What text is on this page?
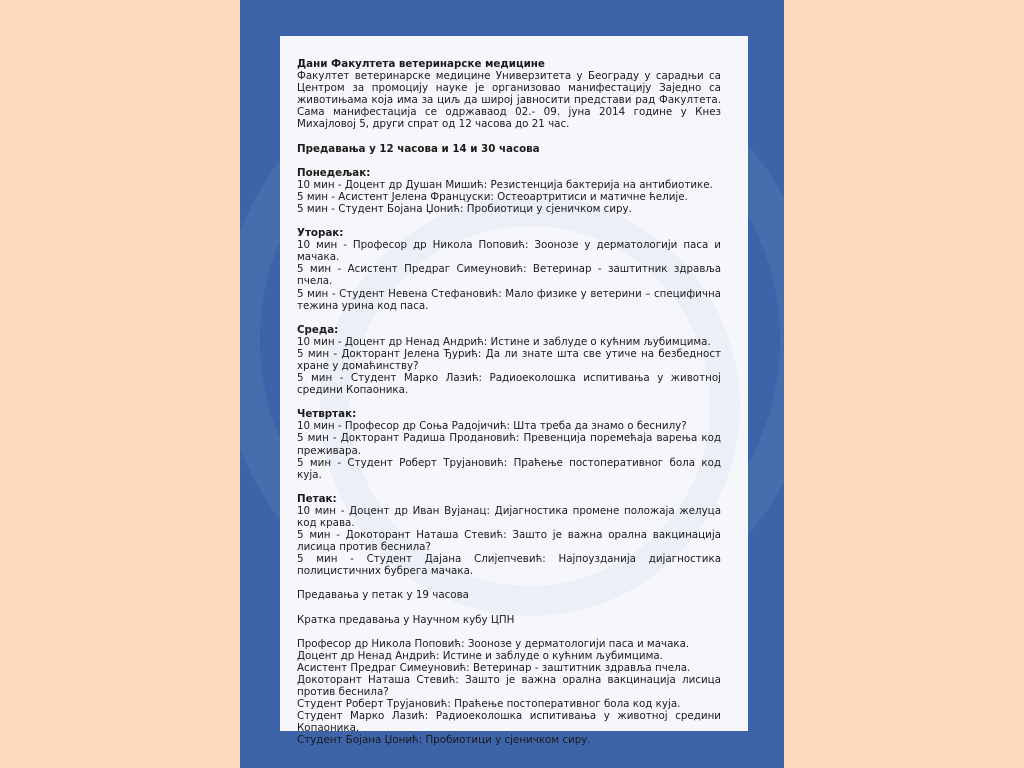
Дани Факултета ветеринарске медицине

Факултет ветеринарске медицине Универзитета у Београду у сарадњи са Центром за промоцију науке је организовао манифестацију Заједно са животињама која има за циљ да широј јавносити представи рад Факултета. Сама манифестација се одржаваод 02.- 09. јуна 2014 године у Кнез Михаjловој 5, други спрат од 12 часова до 21 час.

Предавања у 12 часова и 14 и 30 часова
Понедељак:

10 мин - Доцент др Душан Мишић: Резистенција бактерија на антибиотике.

5 мин - Асистент Јелена Француски: Остеоартритиси и матичне ћелије.

5 мин - Студент Бојана Џонић: Пробиотици у сјеничком сиру.

Уторак:

10 мин - Професор др Никола Поповић: Зоонозе у дерматологији паса и мачака.

5 мин - Асистент Предраг Симеуновић: Ветеринар - заштитник здравља пчела.

5 мин - Студент Невена Стефановић: Мало физике у ветерини – специфична тежина урина код паса.

Среда:

10 мин - Доцент др Ненад Андрић: Истине и заблуде о кућним љубимцима.

5 мин - Докторант Јелена Ђурић: Да ли знате шта све утиче на безбедност хране у домаћинству?

5 мин - Студент Марко Лазић: Радиоеколошка испитивања у животној средини Копаоника.

Четвртак:

10 мин - Професор др Соња Радојичић: Шта треба да знамо о беснилу?

5 мин - Докторант Радиша Продановић: Превенција поремећаја варења код преживара.

5 мин - Студент Роберт Трујановић: Праћење постоперативног бола код куја.

Петак:

10 мин - Доцент др Иван Вујанац: Дијагностика промене положаја желуца код крава.

5 мин - Докоторант Наташа Стевић: Зашто је важна орална вакцинација лисица против беснила?

5 мин - Студент Дајана Слијепчевић: Најпоузданија дијагностика полицистичних бубрега мачака.

Предавања у петак у 19 часова

Кратка предавања у Научном кубу ЦПН

Професор др Никола Поповић: Зоонозе у дерматологији паса и мачака.

Доцент др Ненад Андрић: Истине и заблуде о кућним љубимцима.

Асистент Предраг Симеуновић: Ветеринар - заштитник здравља пчела.

Докоторант Наташа Стевић: Зашто је важна орална вакцинација лисица против беснила?

Студент Роберт Трујановић: Праћење постоперативног бола код куја.

Студент Марко Лазић: Радиоеколошка испитивања у животној средини Копаоника.

Студент Бојана Џонић: Пробиотици у сјеничком сиру.
